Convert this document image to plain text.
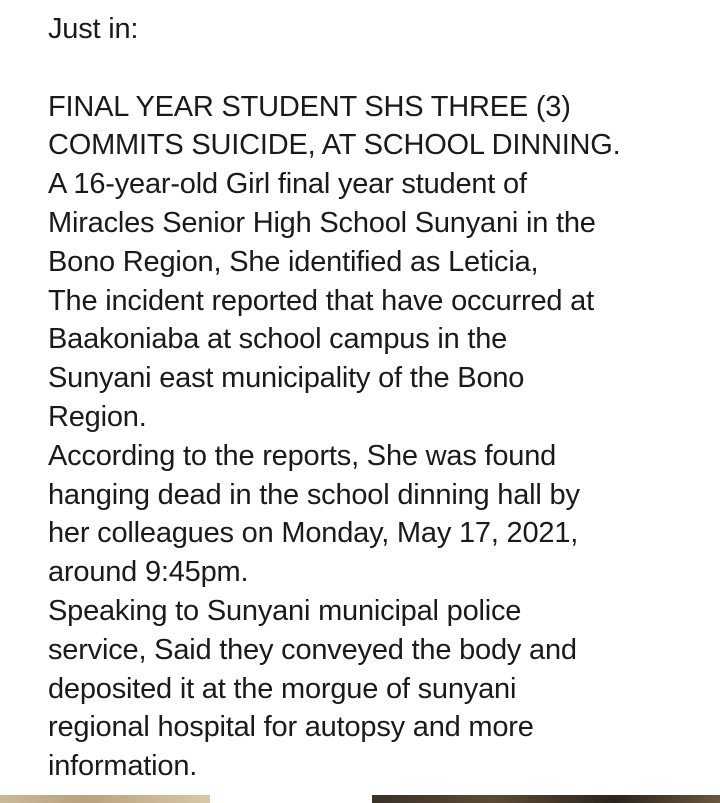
Just in:

FINAL YEAR STUDENT SHS THREE (3)
COMMITS SUICIDE, AT SCHOOL DINNING.
A 16-year-old Girl final year student of
Miracles Senior High School Sunyani in the
Bono Region, She identified as Leticia,
The incident reported that have occurred at
Baakoniaba at school campus in the
Sunyani east municipality of the Bono
Region.
According to the reports, She was found
hanging dead in the school dinning hall by
her colleagues on Monday, May 17, 2021,
around 9:45pm.
Speaking to Sunyani municipal police
service, Said they conveyed the body and
deposited it at the morgue of sunyani
regional hospital for autopsy and more
information.
